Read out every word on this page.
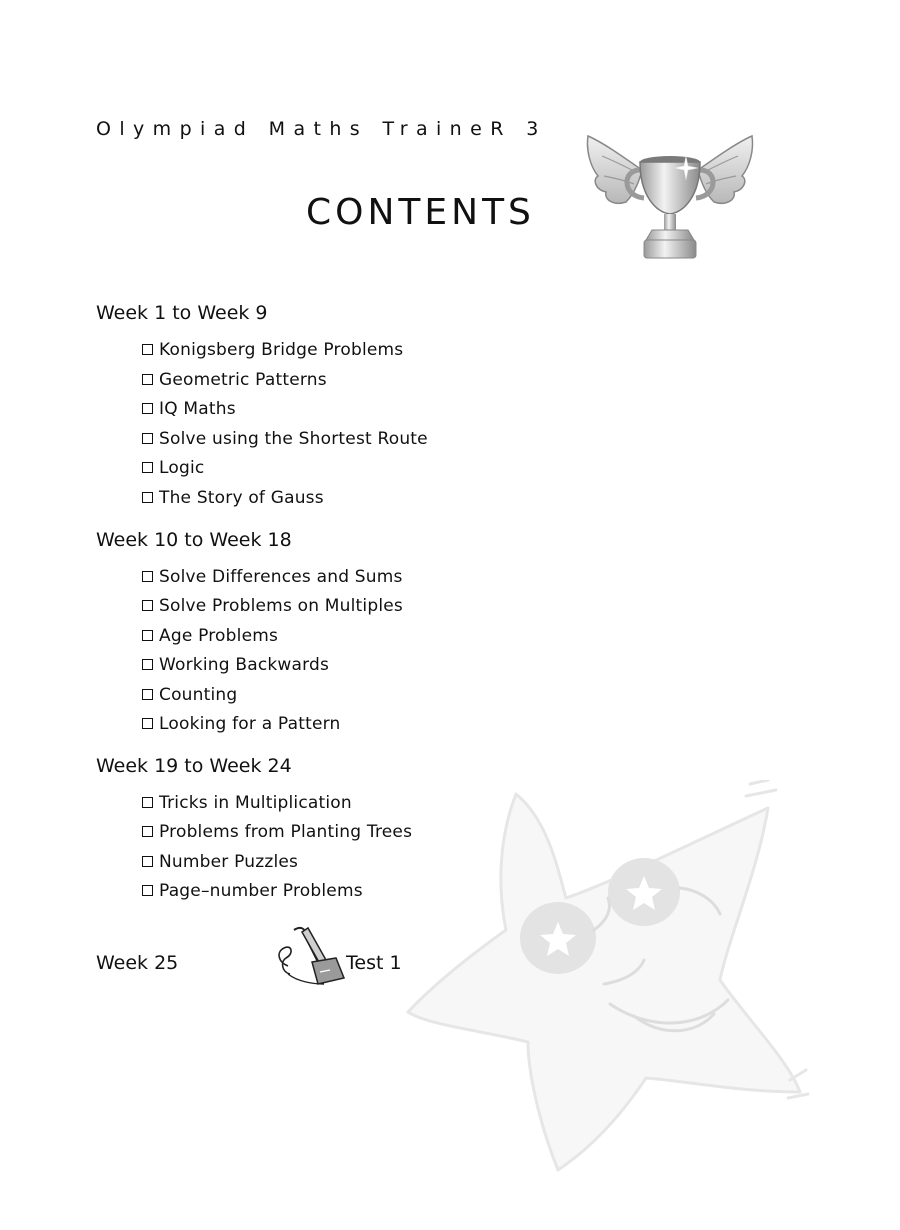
Olympiad Maths TraineR 3
CONTENTS
Week 1 to Week 9
Konigsberg Bridge Problems
Geometric Patterns
IQ Maths
Solve using the Shortest Route
Logic
The Story of Gauss
Week 10 to Week 18
Solve Differences and Sums
Solve Problems on Multiples
Age Problems
Working Backwards
Counting
Looking for a Pattern
Week 19 to Week 24
Tricks in Multiplication
Problems from Planting Trees
Number Puzzles
Page–number Problems
Week 25	Test 1
